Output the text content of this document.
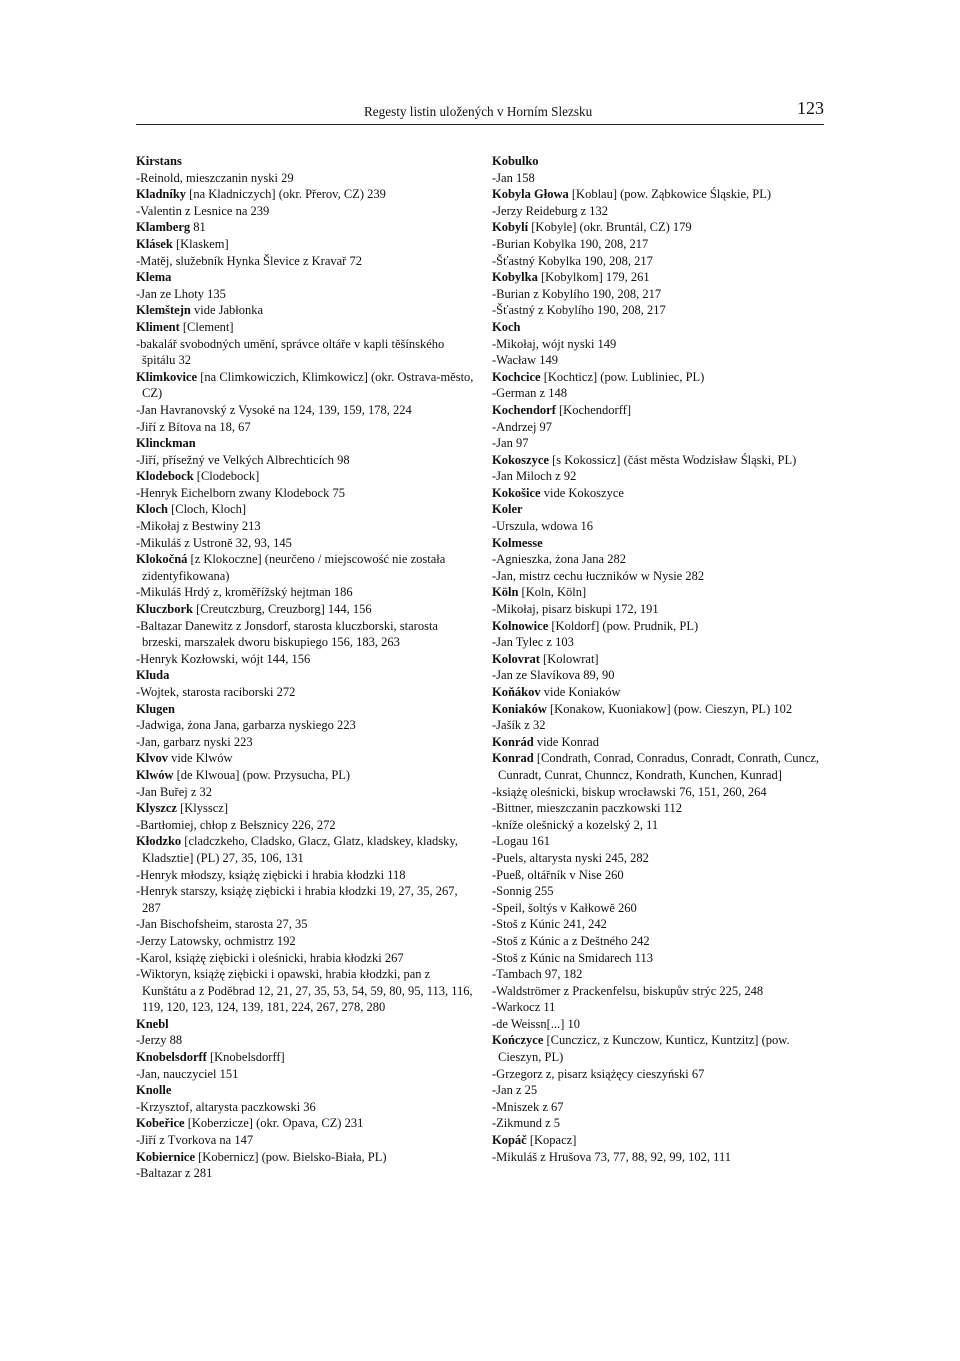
Regesty listin uložených v Horním Slezsku	123
Kirstans
-Reinold, mieszczanin nyski 29
Kladníky [na Kladniczych] (okr. Přerov, CZ) 239
-Valentin z Lesnice na 239
Klamberg 81
Klásek [Klaskem]
-Matěj, služebník Hynka Šlevice z Kravař 72
Klema
-Jan ze Lhoty 135
Klemštejn vide Jabłonka
Kliment [Clement]
-bakalář svobodných umění, správce oltáře v kapli těšínského špitálu 32
Klimkovice [na Climkowiczich, Klimkowicz] (okr. Ostrava-město, CZ)
-Jan Havranovský z Vysoké na 124, 139, 159, 178, 224
-Jiří z Bítova na 18, 67
Klinckman
-Jiří, přísežný ve Velkých Albrechticích 98
Klodebock [Clodebock]
-Henryk Eichelborn zwany Klodebock 75
Kloch [Cloch, Kloch]
-Mikołaj z Bestwiny 213
-Mikuláš z Ustroně 32, 93, 145
Klokočná [z Klokoczne] (neurčeno / miejscowość nie została zidentyfikowana)
-Mikuláš Hrdý z, kroměřížský hejtman 186
Kluczbork [Creutczburg, Creuzborg] 144, 156
-Baltazar Danewitz z Jonsdorf, starosta kluczborski, starosta brzeski, marszałek dworu biskupiego 156, 183, 263
-Henryk Kozłowski, wójt 144, 156
Kluda
-Wojtek, starosta raciborski 272
Klugen
-Jadwiga, żona Jana, garbarza nyskiego 223
-Jan, garbarz nyski 223
Klvov vide Klwów
Klwów [de Klwoua] (pow. Przysucha, PL)
-Jan Buřej z 32
Klyszcz [Klysscz]
-Bartłomiej, chłop z Bełsznicy 226, 272
Kłodzko [cladczkeho, Cladsko, Glacz, Glatz, kladskey, kladsky, Kladsztie] (PL) 27, 35, 106, 131
-Henryk młodszy, książę ziębicki i hrabia kłodzki 118
-Henryk starszy, książę ziębicki i hrabia kłodzki 19, 27, 35, 267, 287
-Jan Bischofsheim, starosta 27, 35
-Jerzy Latowsky, ochmistrz 192
-Karol, książę ziębicki i oleśnicki, hrabia kłodzki 267
-Wiktoryn, książę ziębicki i opawski, hrabia kłodzki, pan z Kunštátu a z Poděbrad 12, 21, 27, 35, 53, 54, 59, 80, 95, 113, 116, 119, 120, 123, 124, 139, 181, 224, 267, 278, 280
Knebl
-Jerzy 88
Knobelsdorff [Knobelsdorff]
-Jan, nauczyciel 151
Knolle
-Krzysztof, altarysta paczkowski 36
Kobeřice [Koberzicze] (okr. Opava, CZ) 231
-Jiří z Tvorkova na 147
Kobiernice [Kobernicz] (pow. Bielsko-Biała, PL)
-Baltazar z 281
Kobulko
-Jan 158
Kobyla Głowa [Koblau] (pow. Ząbkowice Śląskie, PL)
-Jerzy Reideburg z 132
Kobylí [Kobyle] (okr. Bruntál, CZ) 179
-Burian Kobylka 190, 208, 217
-Šťastný Kobylka 190, 208, 217
Kobylka [Kobylkom] 179, 261
-Burian z Kobylího 190, 208, 217
-Šťastný z Kobylího 190, 208, 217
Koch
-Mikołaj, wójt nyski 149
-Wacław 149
Kochcice [Kochticz] (pow. Lubliniec, PL)
-German z 148
Kochendorf [Kochendorff]
-Andrzej 97
-Jan 97
Kokoszyce [s Kokossicz] (část města Wodzisław Śląski, PL)
-Jan Miloch z 92
Kokošice vide Kokoszyce
Koler
-Urszula, wdowa 16
Kolmesse
-Agnieszka, żona Jana 282
-Jan, mistrz cechu łuczników w Nysie 282
Köln [Koln, Köln]
-Mikołaj, pisarz biskupi 172, 191
Kolnowice [Koldorf] (pow. Prudnik, PL)
-Jan Tylec z 103
Kolovrat [Kolowrat]
-Jan ze Slavíkova 89, 90
Koňákov vide Koniaków
Koniaków [Konakow, Kuoniakow] (pow. Cieszyn, PL) 102
-Jašík z 32
Konrád vide Konrad
Konrad [Condrath, Conrad, Conradus, Conradt, Conrath, Cuncz, Cunradt, Cunrat, Chunncz, Kondrath, Kunchen, Kunrad]
-książę oleśnicki, biskup wrocławski 76, 151, 260, 264
-Bittner, mieszczanin paczkowski 112
-kníže olešnický a kozelský 2, 11
-Logau 161
-Puels, altarysta nyski 245, 282
-Pueß, oltářník v Nise 260
-Sonnig 255
-Speil, šoltýs v Kałkowě 260
-Stoš z Kúnic 241, 242
-Stoš z Kúnic a z Deštného 242
-Stoš z Kúnic na Smidarech 113
-Tambach 97, 182
-Waldströmer z Prackenfelsu, biskupův strýc 225, 248
-Warkocz 11
-de Weissn[...] 10
Kończyce [Cunczicz, z Kunczow, Kunticz, Kuntzitz] (pow. Cieszyn, PL)
-Grzegorz z, pisarz książęcy cieszyński 67
-Jan z 25
-Mniszek z 67
-Zikmund z 5
Kopáč [Kopacz]
-Mikuláš z Hrušova 73, 77, 88, 92, 99, 102, 111
